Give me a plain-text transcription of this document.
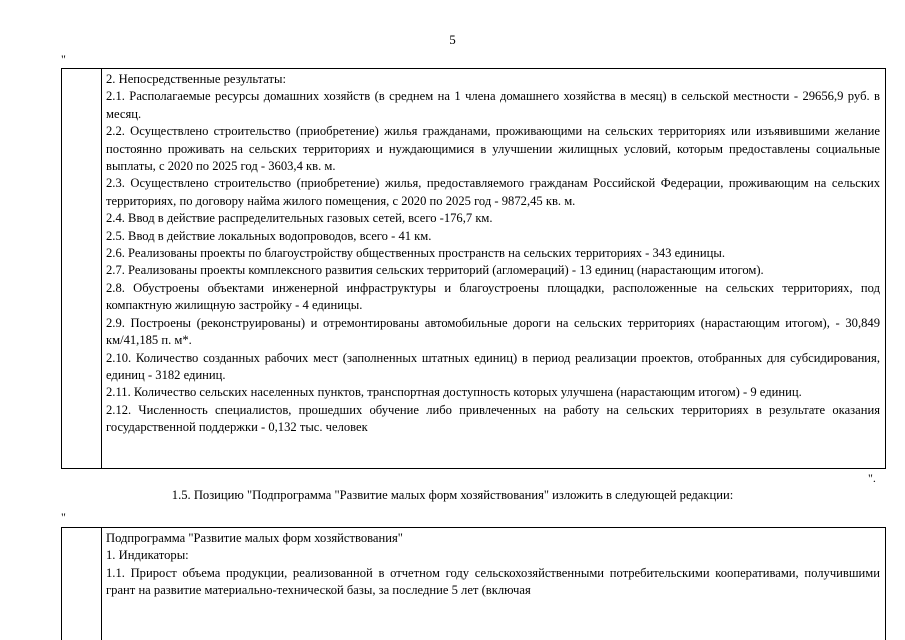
5
"

2. Непосредственные результаты:

2.1. Располагаемые ресурсы домашних хозяйств (в среднем на 1 члена домашнего хозяйства в месяц) в сельской местности - 29656,9 руб. в месяц.

2.2. Осуществлено строительство (приобретение) жилья гражданами, проживающими на сельских территориях или изъявившими желание постоянно проживать на сельских территориях и нуждающимися в улучшении жилищных условий, которым предоставлены социальные выплаты, с 2020 по 2025 год - 3603,4 кв. м.

2.3. Осуществлено строительство (приобретение) жилья, предоставляемого гражданам Российской Федерации, проживающим на сельских территориях, по договору найма жилого помещения, с 2020 по 2025 год - 9872,45 кв. м.

2.4. Ввод в действие распределительных газовых сетей, всего -176,7 км.

2.5. Ввод в действие локальных водопроводов, всего - 41 км.

2.6. Реализованы проекты по благоустройству общественных пространств на сельских территориях - 343 единицы.

2.7. Реализованы проекты комплексного развития сельских территорий (агломераций) - 13 единиц (нарастающим итогом).

2.8. Обустроены объектами инженерной инфраструктуры и благоустроены площадки, расположенные на сельских территориях, под компактную жилищную застройку - 4 единицы.

2.9. Построены (реконструированы) и отремонтированы автомобильные дороги на сельских территориях (нарастающим итогом), - 30,849 км/41,185 п. м*.

2.10. Количество созданных рабочих мест (заполненных штатных единиц) в период реализации проектов, отобранных для субсидирования, единиц - 3182 единиц.

2.11. Количество сельских населенных пунктов, транспортная доступность которых улучшена (нарастающим итогом) - 9 единиц.

2.12. Численность специалистов, прошедших обучение либо привлеченных на работу на сельских территориях в результате оказания государственной поддержки - 0,132 тыс. человек

".
1.5. Позицию "Подпрограмма "Развитие малых форм хозяйствования" изложить в следующей редакции:
"

Подпрограмма "Развитие малых форм хозяйствования"

1. Индикаторы:

1.1. Прирост объема продукции, реализованной в отчетном году сельскохозяйственными потребительскими кооперативами, получившими грант на развитие материально-технической базы, за последние 5 лет (включая
